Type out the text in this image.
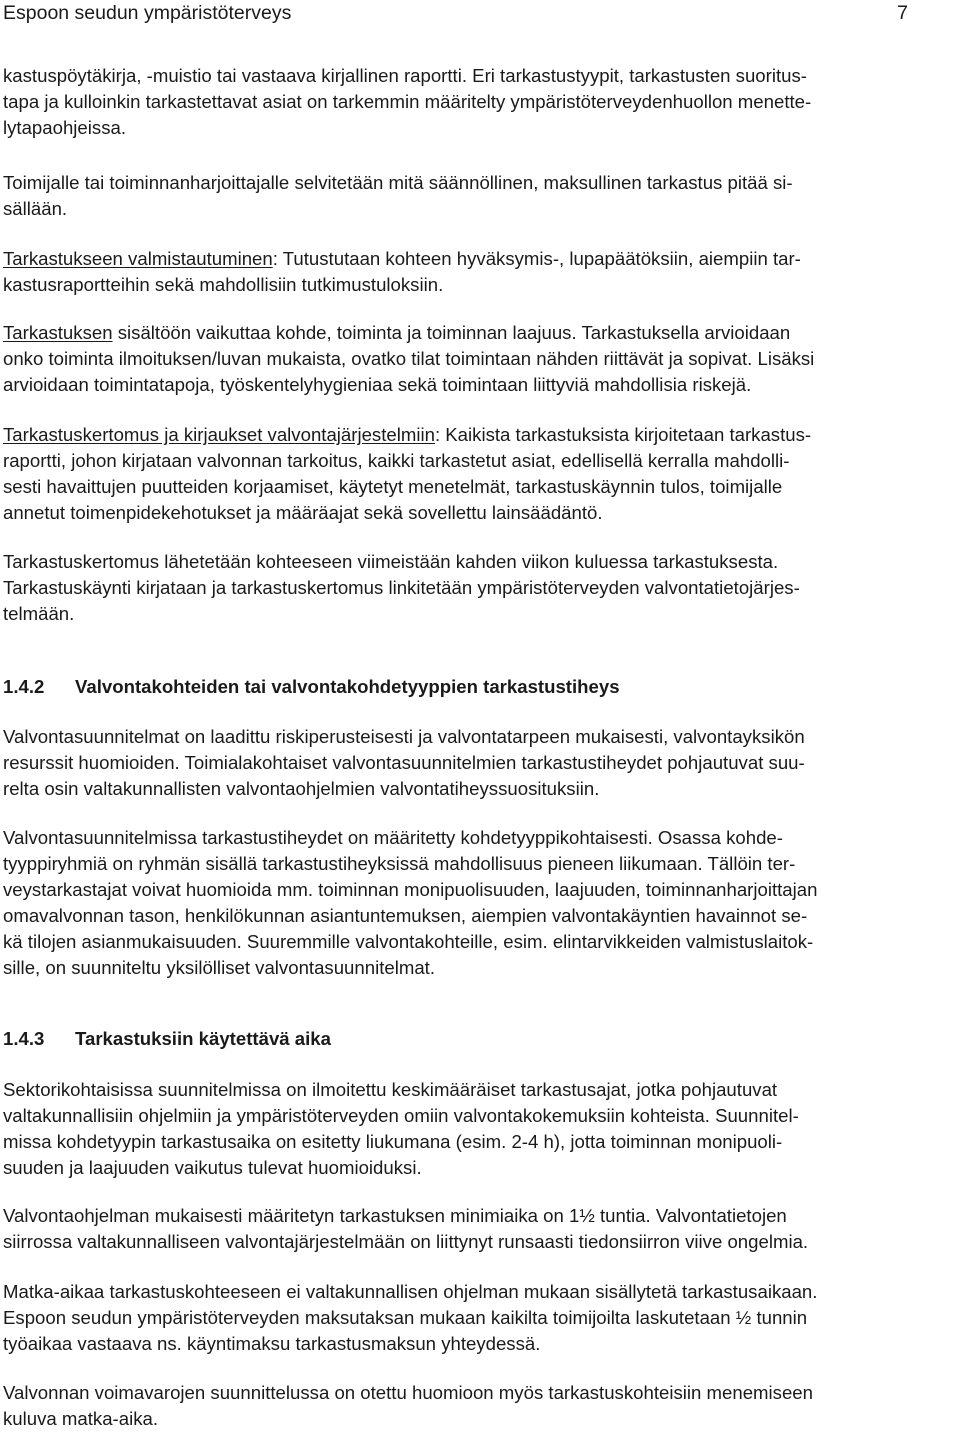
Espoon seudun ympäristöterveys	7
kastuspöytäkirja, -muistio tai vastaava kirjallinen raportti. Eri tarkastustyypit, tarkastusten suoritus-
tapa ja kulloinkin tarkastettavat asiat on tarkemmin määritelty ympäristöterveydenhuollon menette-
lytapaohjeissa.
Toimijalle tai toiminnanharjoittajalle selvitetään mitä säännöllinen, maksullinen tarkastus pitää si-
sällään.
Tarkastukseen valmistautuminen: Tutustutaan kohteen hyväksymis-, lupapäätöksiin, aiempiin tar-
kastusraportteihin sekä mahdollisiin tutkimustuloksiin.
Tarkastuksen sisältöön vaikuttaa kohde, toiminta ja toiminnan laajuus. Tarkastuksella arvioidaan
onko toiminta ilmoituksen/luvan mukaista, ovatko tilat toimintaan nähden riittävät ja sopivat. Lisäksi
arvioidaan toimintatapoja, työskentelyhygieniaa sekä toimintaan liittyviä mahdollisia riskejä.
Tarkastuskertomus ja kirjaukset valvontajärjestelmiin: Kaikista tarkastuksista kirjoitetaan tarkastus-
raportti, johon kirjataan valvonnan tarkoitus, kaikki tarkastetut asiat, edellisellä kerralla mahdolli-
sesti havaittujen puutteiden korjaamiset, käytetyt menetelmät, tarkastuskäynnin tulos, toimijalle
annetut toimenpidekehotukset ja määräajat sekä sovellettu lainsäädäntö.
Tarkastuskertomus lähetetään kohteeseen viimeistään kahden viikon kuluessa tarkastuksesta.
Tarkastuskäynti kirjataan ja tarkastuskertomus linkitetään ympäristöterveyden valvontatietojärjes-
telmään.
1.4.2 Valvontakohteiden tai valvontakohdetyyppien tarkastustiheys
Valvontasuunnitelmat on laadittu riskiperusteisesti ja valvontatarpeen mukaisesti, valvontayksikön
resurssit huomioiden. Toimialakohtaiset valvontasuunnitelmien tarkastustiheydet pohjautuvat suu-
relta osin valtakunnallisten valvontaohjelmien valvontatiheyssuosituksiin.
Valvontasuunnitelmissa tarkastustiheydet on määritetty kohdetyyppikohtaisesti. Osassa kohde-
tyyppiryhmiä on ryhmän sisällä tarkastustiheyksissä mahdollisuus pieneen liikumaan. Tällöin ter-
veystarkastajat voivat huomioida mm. toiminnan monipuolisuuden, laajuuden, toiminnanharjoittajan
omavalvonnan tason, henkilökunnan asiantuntemuksen, aiempien valvontakäyntien havainnot se-
kä tilojen asianmukaisuuden. Suuremmille valvontakohteille, esim. elintarvikkeiden valmistuslaitok-
sille, on suunniteltu yksilölliset valvontasuunnitelmat.
1.4.3 Tarkastuksiin käytettävä aika
Sektorikohtaisissa suunnitelmissa on ilmoitettu keskimääräiset tarkastusajat, jotka pohjautuvat
valtakunnallisiin ohjelmiin ja ympäristöterveyden omiin valvontakokemuksiin kohteista. Suunnitel-
missa kohdetyypin tarkastusaika on esitetty liukumana (esim. 2-4 h), jotta toiminnan monipuoli-
suuden ja laajuuden vaikutus tulevat huomioiduksi.
Valvontaohjelman mukaisesti määritetyn tarkastuksen minimiaika on 1½ tuntia. Valvontatietojen
siirrossa valtakunnalliseen valvontajärjestelmään on liittynyt runsaasti tiedonsiirron viive ongelmia.
Matka-aikaa tarkastuskohteeseen ei valtakunnallisen ohjelman mukaan sisällytetä tarkastusaikaan.
Espoon seudun ympäristöterveyden maksutaksan mukaan kaikilta toimijoilta laskutetaan ½ tunnin
työaikaa vastaava ns. käyntimaksu tarkastusmaksun yhteydessä.
Valvonnan voimavarojen suunnittelussa on otettu huomioon myös tarkastuskohteisiin menemiseen
kuluva matka-aika.
